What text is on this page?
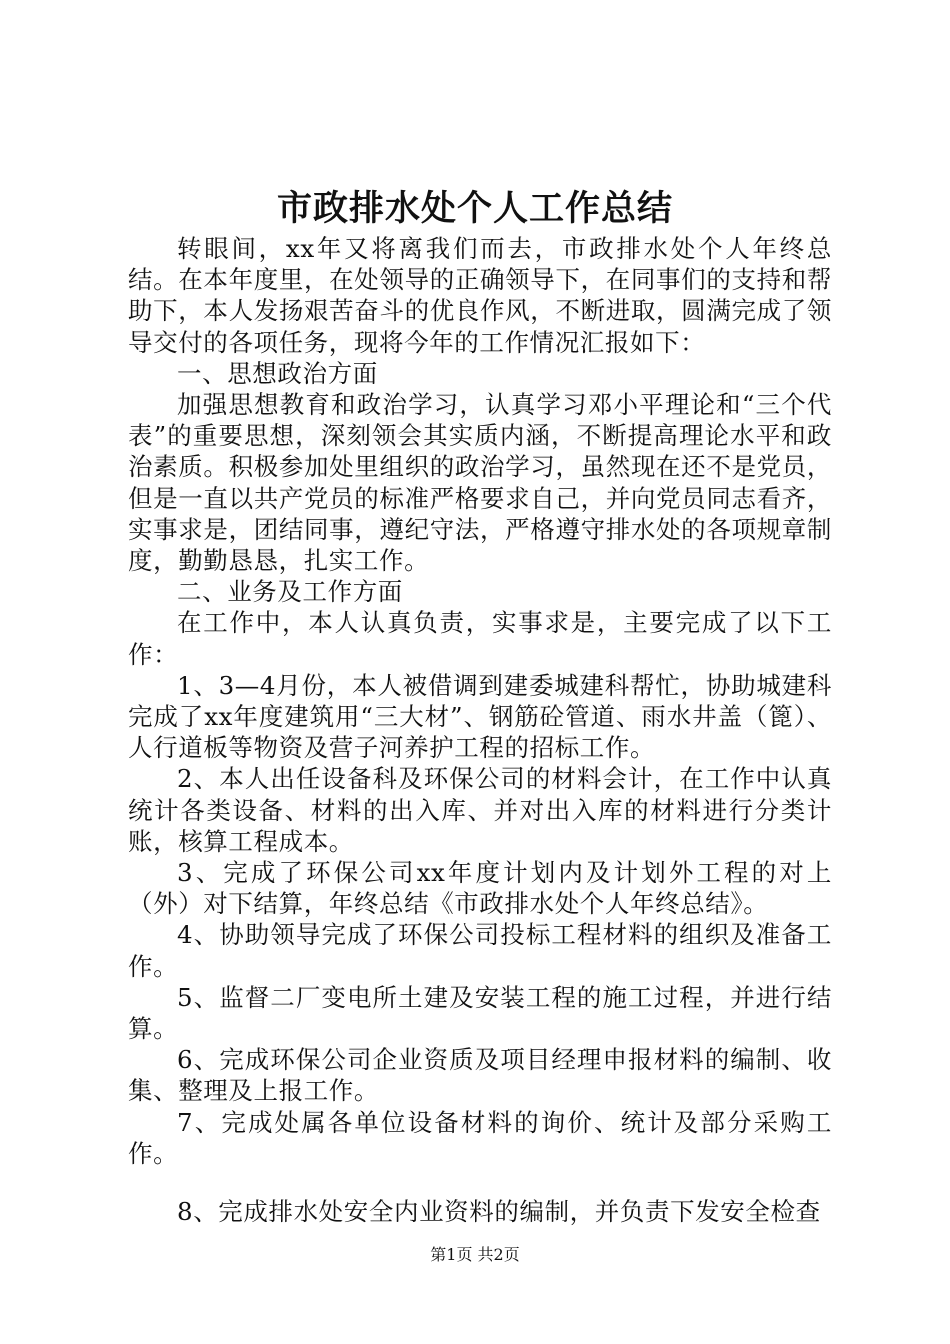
市政排水处个人工作总结

转眼间，xx年又将离我们而去，市政排水处个人年终总结。在本年度里，在处领导的正确领导下，在同事们的支持和帮助下，本人发扬艰苦奋斗的优良作风，不断进取，圆满完成了领导交付的各项任务，现将今年的工作情况汇报如下：

一、思想政治方面

加强思想教育和政治学习，认真学习邓小平理论和“三个代表”的重要思想，深刻领会其实质内涵，不断提高理论水平和政治素质。积极参加处里组织的政治学习，虽然现在还不是党员，但是一直以共产党员的标准严格要求自己，并向党员同志看齐，实事求是，团结同事，遵纪守法，严格遵守排水处的各项规章制度，勤勤恳恳，扎实工作。

二、业务及工作方面

在工作中，本人认真负责，实事求是，主要完成了以下工作：

1、3—4月份，本人被借调到建委城建科帮忙，协助城建科完成了xx年度建筑用“三大材”、钢筋砼管道、雨水井盖（篦）、人行道板等物资及营子河养护工程的招标工作。

2、本人出任设备科及环保公司的材料会计，在工作中认真统计各类设备、材料的出入库、并对出入库的材料进行分类计账，核算工程成本。

3、完成了环保公司xx年度计划内及计划外工程的对上（外）对下结算，年终总结《市政排水处个人年终总结》。

4、协助领导完成了环保公司投标工程材料的组织及准备工作。

5、监督二厂变电所土建及安装工程的施工过程，并进行结算。

6、完成环保公司企业资质及项目经理申报材料的编制、收集、整理及上报工作。

7、完成处属各单位设备材料的询价、统计及部分采购工作。

8、完成排水处安全内业资料的编制，并负责下发安全检查

第1页 共2页
